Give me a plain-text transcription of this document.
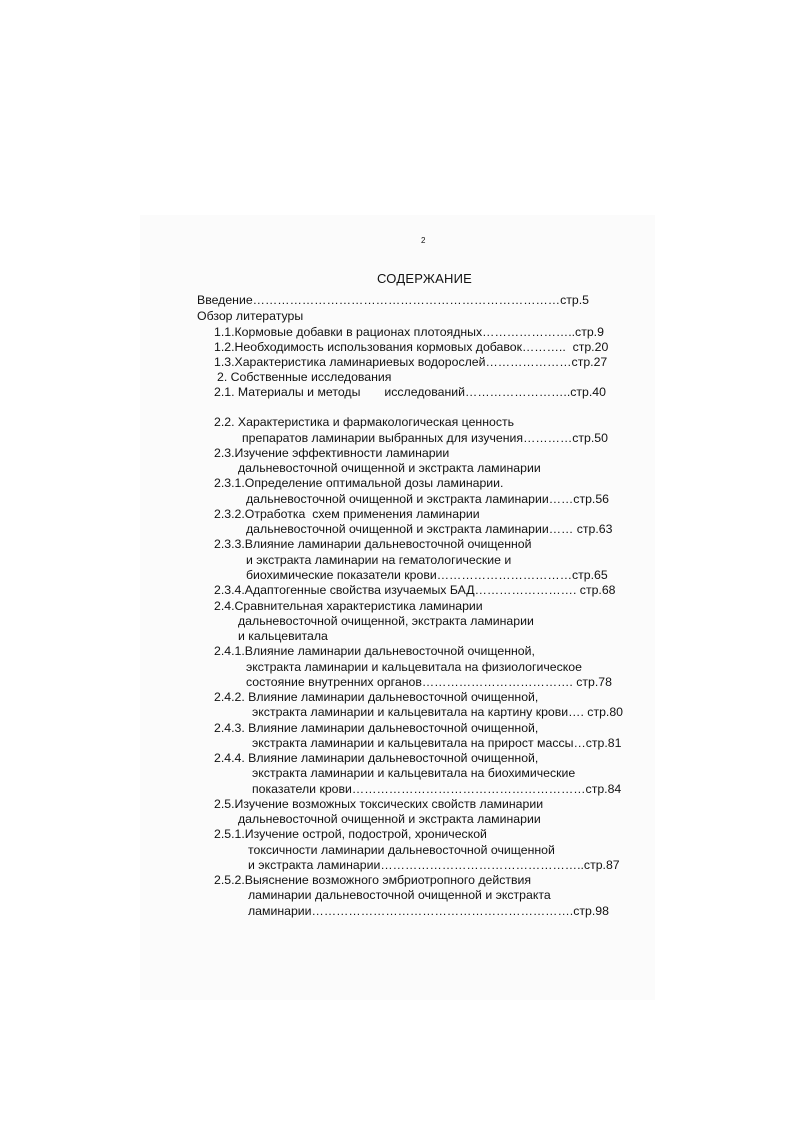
2
СОДЕРЖАНИЕ
Введение…………………………………………………………………стр.5
Обзор литературы
1.1.Кормовые добавки в рационах плотоядных…………………..стр.9
1.2.Необходимость использования кормовых добавок………..  стр.20
1.3.Характеристика ламинариевых водорослей…………………стр.27
2. Собственные исследования
2.1. Материалы и методы       исследований……………………..стр.40
2.2. Характеристика и фармакологическая ценность
препаратов ламинарии выбранных для изучения…………стр.50
2.3.Изучение эффективности ламинарии
дальневосточной очищенной и экстракта ламинарии
2.3.1.Определение оптимальной дозы ламинарии.
дальневосточной очищенной и экстракта ламинарии……стр.56
2.3.2.Отработка  схем применения ламинарии
дальневосточной очищенной и экстракта ламинарии…… стр.63
2.3.3.Влияние ламинарии дальневосточной очищенной
и экстракта ламинарии на гематологические и
биохимические показатели крови……………………………стр.65
2.3.4.Адаптогенные свойства изучаемых БАД……………………. стр.68
2.4.Сравнительная характеристика ламинарии
дальневосточной очищенной, экстракта ламинарии
и кальцевитала
2.4.1.Влияние ламинарии дальневосточной очищенной,
экстракта ламинарии и кальцевитала на физиологическое
состояние внутренних органов………………………………. стр.78
2.4.2. Влияние ламинарии дальневосточной очищенной,
экстракта ламинарии и кальцевитала на картину крови…. стр.80
2.4.3. Влияние ламинарии дальневосточной очищенной,
экстракта ламинарии и кальцевитала на прирост массы…стр.81
2.4.4. Влияние ламинарии дальневосточной очищенной,
экстракта ламинарии и кальцевитала на биохимические
показатели крови…………………………………………………стр.84
2.5.Изучение возможных токсических свойств ламинарии
дальневосточной очищенной и экстракта ламинарии
2.5.1.Изучение острой, подострой, хронической
токсичности ламинарии дальневосточной очищенной
и экстракта ламинарии…………………………………………..стр.87
2.5.2.Выяснение возможного эмбриотропного действия
ламинарии дальневосточной очищенной и экстракта
ламинарии……………………………………………………….стр.98
